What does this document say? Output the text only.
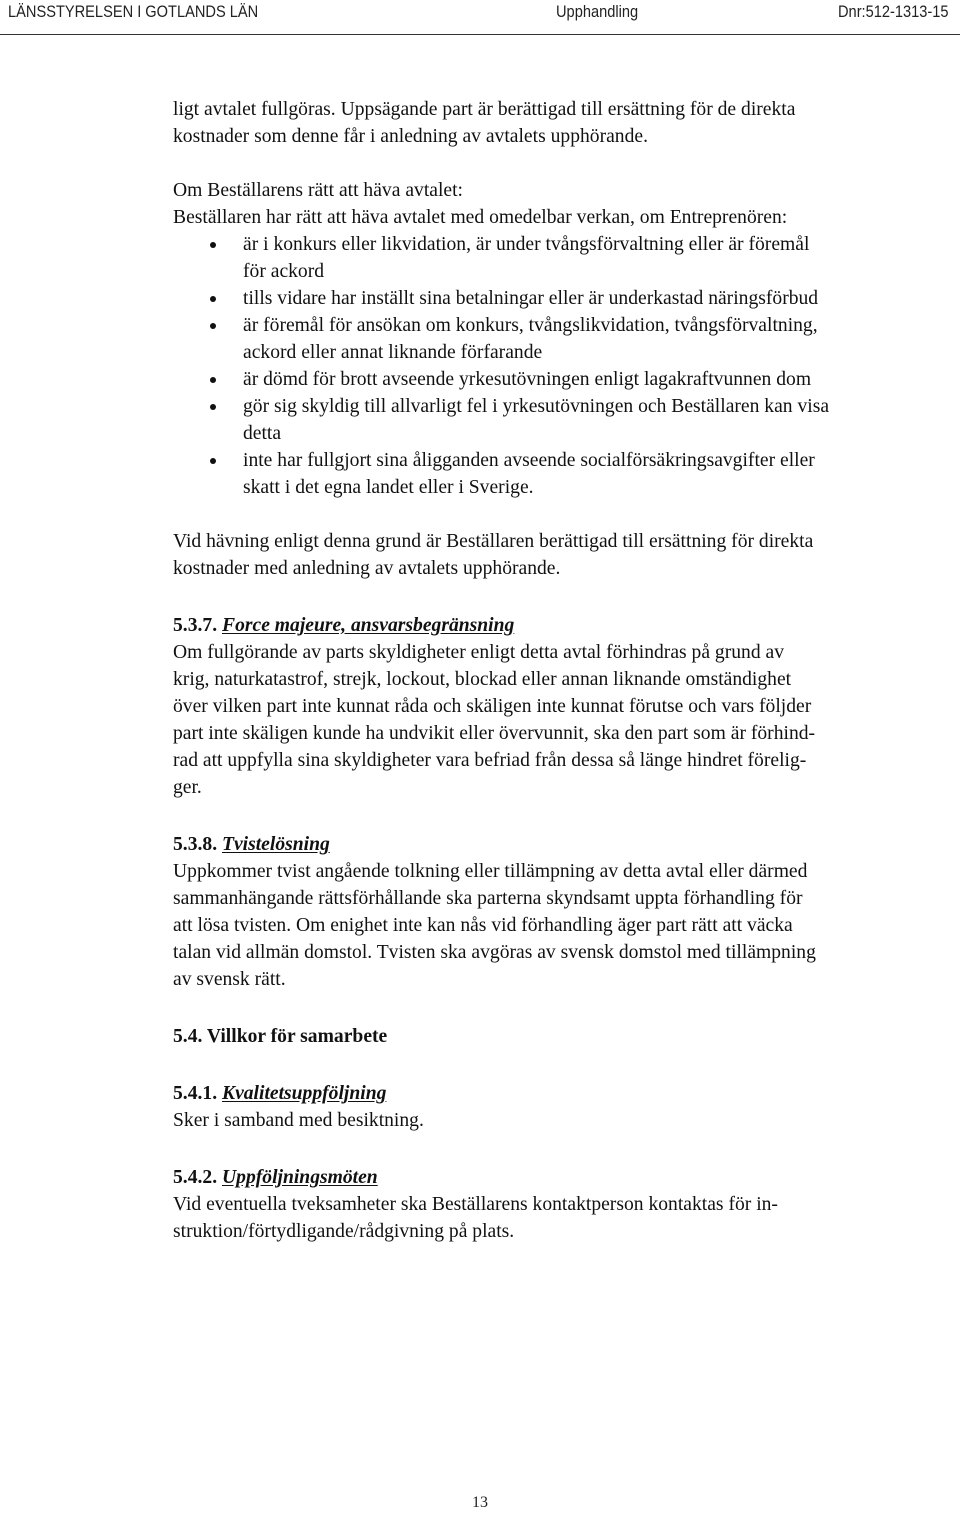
LÄNSSTYRELSEN I GOTLANDS LÄN	Upphandling	Dnr:512-1313-15

ligt avtalet fullgöras. Uppsägande part är berättigad till ersättning för de direkta
kostnader som denne får i anledning av avtalets upphörande.

Om Beställarens rätt att häva avtalet:
Beställaren har rätt att häva avtalet med omedelbar verkan, om Entreprenören:

är i konkurs eller likvidation, är under tvångsförvaltning eller är föremål
för ackord
tills vidare har inställt sina betalningar eller är underkastad näringsförbud
är föremål för ansökan om konkurs, tvångslikvidation, tvångsförvaltning,
ackord eller annat liknande förfarande
är dömd för brott avseende yrkesutövningen enligt lagakraftvunnen dom
gör sig skyldig till allvarligt fel i yrkesutövningen och Beställaren kan visa
detta
inte har fullgjort sina åligganden avseende socialförsäkringsavgifter eller
skatt i det egna landet eller i Sverige.

Vid hävning enligt denna grund är Beställaren berättigad till ersättning för direkta
kostnader med anledning av avtalets upphörande.

5.3.7. Force majeure, ansvarsbegränsning

Om fullgörande av parts skyldigheter enligt detta avtal förhindras på grund av
krig, naturkatastrof, strejk, lockout, blockad eller annan liknande omständighet
över vilken part inte kunnat råda och skäligen inte kunnat förutse och vars följder
part inte skäligen kunde ha undvikit eller övervunnit, ska den part som är förhind-
rad att uppfylla sina skyldigheter vara befriad från dessa så länge hindret förelig-
ger.

5.3.8. Tvistelösning

Uppkommer tvist angående tolkning eller tillämpning av detta avtal eller därmed
sammanhängande rättsförhållande ska parterna skyndsamt uppta förhandling för
att lösa tvisten. Om enighet inte kan nås vid förhandling äger part rätt att väcka
talan vid allmän domstol. Tvisten ska avgöras av svensk domstol med tillämpning
av svensk rätt.

5.4. Villkor för samarbete

5.4.1. Kvalitetsuppföljning

Sker i samband med besiktning.

5.4.2. Uppföljningsmöten

Vid eventuella tveksamheter ska Beställarens kontaktperson kontaktas för in-
struktion/förtydligande/rådgivning på plats.

13
